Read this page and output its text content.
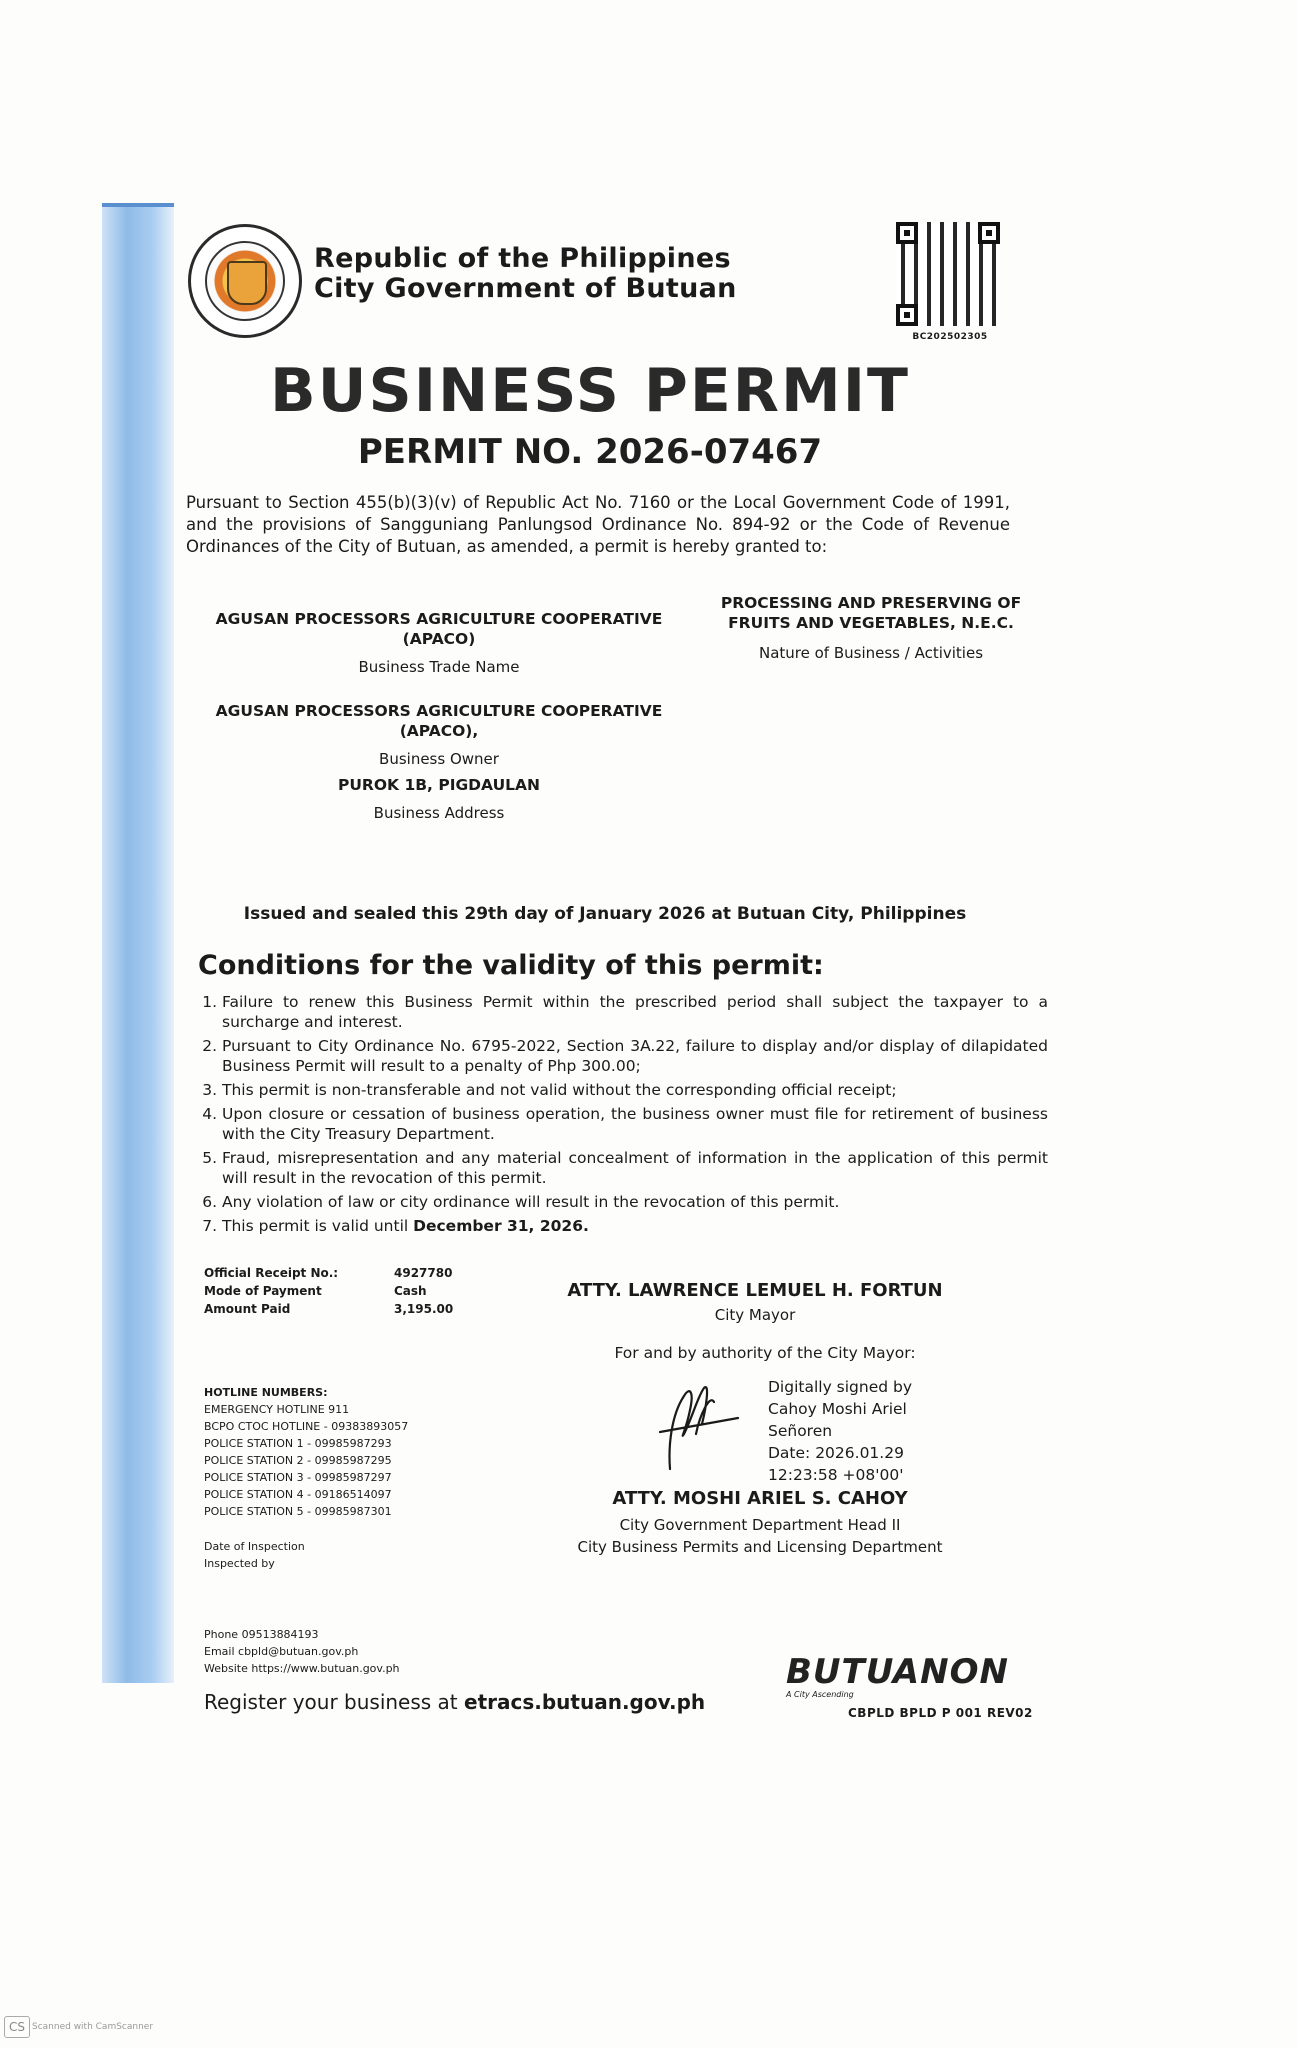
Republic of the Philippines
City Government of Butuan
BC202502305
BUSINESS PERMIT
PERMIT NO. 2026-07467
Pursuant to Section 455(b)(3)(v) of Republic Act No. 7160 or the Local Government Code of 1991, and the provisions of Sangguniang Panlungsod Ordinance No. 894-92 or the Code of Revenue Ordinances of the City of Butuan, as amended, a permit is hereby granted to:
AGUSAN PROCESSORS AGRICULTURE COOPERATIVE
(APACO)
Business Trade Name
AGUSAN PROCESSORS AGRICULTURE COOPERATIVE
(APACO),
Business Owner
PUROK 1B, PIGDAULAN
Business Address
PROCESSING AND PRESERVING OF
FRUITS AND VEGETABLES, N.E.C.
Nature of Business / Activities
Issued and sealed this 29th day of January 2026 at Butuan City, Philippines
Conditions for the validity of this permit:
1. Failure to renew this Business Permit within the prescribed period shall subject the taxpayer to a surcharge and interest.
2. Pursuant to City Ordinance No. 6795-2022, Section 3A.22, failure to display and/or display of dilapidated Business Permit will result to a penalty of Php 300.00;
3. This permit is non-transferable and not valid without the corresponding official receipt;
4. Upon closure or cessation of business operation, the business owner must file for retirement of business with the City Treasury Department.
5. Fraud, misrepresentation and any material concealment of information in the application of this permit will result in the revocation of this permit.
6. Any violation of law or city ordinance will result in the revocation of this permit.
7. This permit is valid until December 31, 2026.
Official Receipt No.:
Mode of Payment
Amount Paid
4927780
Cash
3,195.00
ATTY. LAWRENCE LEMUEL H. FORTUN
City Mayor
For and by authority of the City Mayor:
Digitally signed by
Cahoy Moshi Ariel
Señoren
Date: 2026.01.29
12:23:58 +08'00'
ATTY. MOSHI ARIEL S. CAHOY
City Government Department Head II
City Business Permits and Licensing Department
HOTLINE NUMBERS:
EMERGENCY HOTLINE 911
BCPO CTOC HOTLINE - 09383893057
POLICE STATION 1 - 09985987293
POLICE STATION 2 - 09985987295
POLICE STATION 3 - 09985987297
POLICE STATION 4 - 09186514097
POLICE STATION 5 - 09985987301
Date of Inspection
Inspected by
Phone 09513884193
Email cbpld@butuan.gov.ph
Website https://www.butuan.gov.ph
Register your business at etracs.butuan.gov.ph
BUTUANON
A City Ascending
CBPLD BPLD P 001 REV02
CS Scanned with CamScanner
